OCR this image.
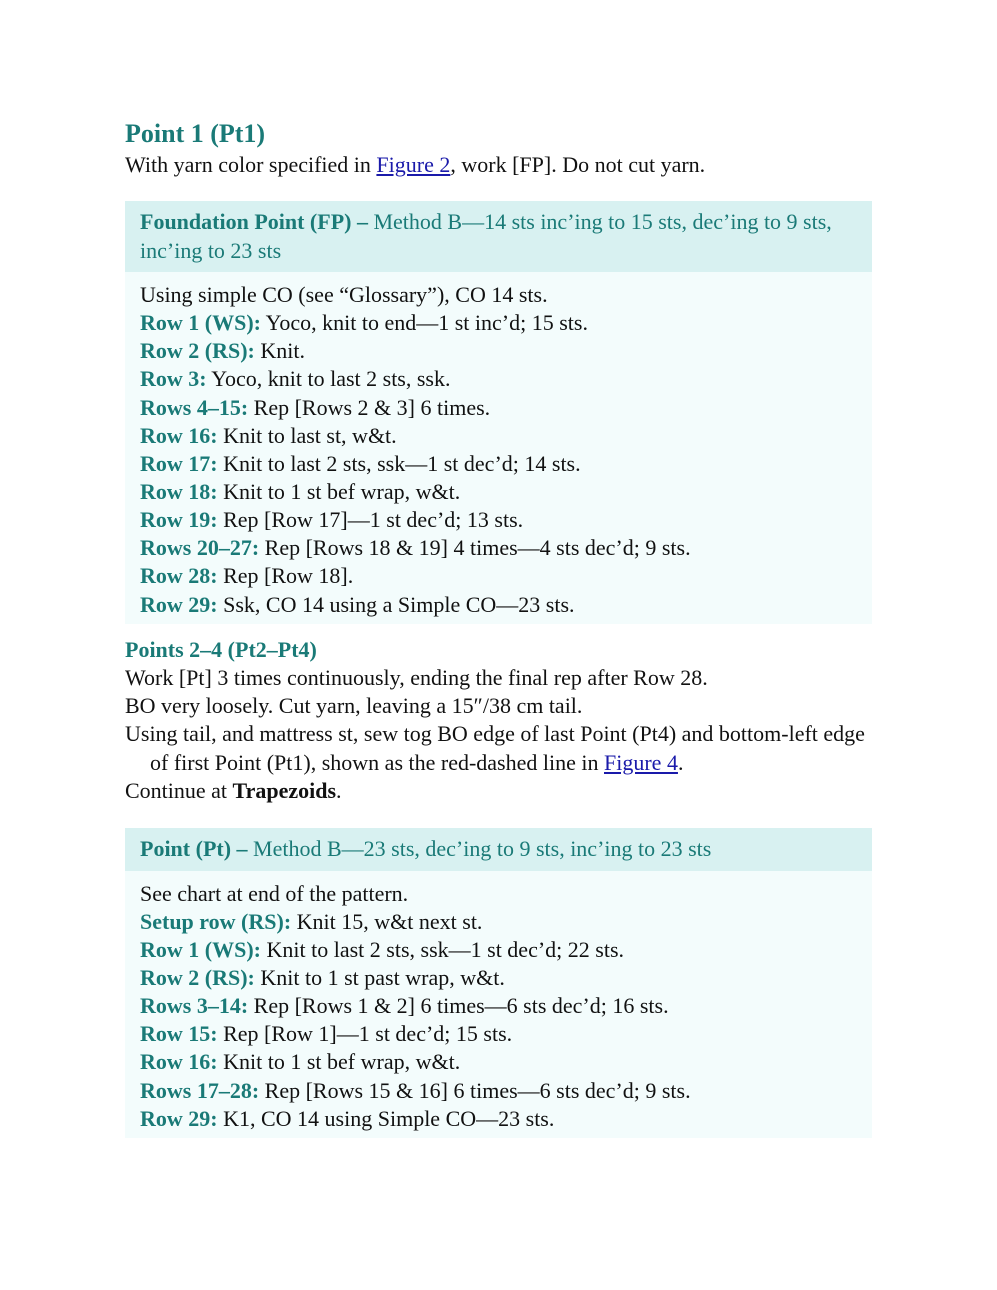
Point 1 (Pt1)

With yarn color specified in Figure 2, work [FP]. Do not cut yarn.

Foundation Point (FP) – Method B—14 sts inc’ing to 15 sts, dec’ing to 9 sts, inc’ing to 23 sts

Using simple CO (see “Glossary”), CO 14 sts.

Row 1 (WS): Yoco, knit to end—1 st inc’d; 15 sts.

Row 2 (RS): Knit.

Row 3: Yoco, knit to last 2 sts, ssk.

Rows 4–15: Rep [Rows 2 & 3] 6 times.

Row 16: Knit to last st, w&t.

Row 17: Knit to last 2 sts, ssk—1 st dec’d; 14 sts.

Row 18: Knit to 1 st bef wrap, w&t.

Row 19: Rep [Row 17]—1 st dec’d; 13 sts.

Rows 20–27: Rep [Rows 18 & 19] 4 times—4 sts dec’d; 9 sts.

Row 28: Rep [Row 18].

Row 29: Ssk, CO 14 using a Simple CO—23 sts.

Points 2–4 (Pt2–Pt4)

Work [Pt] 3 times continuously, ending the final rep after Row 28.

BO very loosely. Cut yarn, leaving a 15″/38 cm tail.

Using tail, and mattress st, sew tog BO edge of last Point (Pt4) and bottom-left edge of first Point (Pt1), shown as the red-dashed line in Figure 4.

Continue at Trapezoids.

Point (Pt) – Method B—23 sts, dec’ing to 9 sts, inc’ing to 23 sts

See chart at end of the pattern.

Setup row (RS): Knit 15, w&t next st.

Row 1 (WS): Knit to last 2 sts, ssk—1 st dec’d; 22 sts.

Row 2 (RS): Knit to 1 st past wrap, w&t.

Rows 3–14: Rep [Rows 1 & 2] 6 times—6 sts dec’d; 16 sts.

Row 15: Rep [Row 1]—1 st dec’d; 15 sts.

Row 16: Knit to 1 st bef wrap, w&t.

Rows 17–28: Rep [Rows 15 & 16] 6 times—6 sts dec’d; 9 sts.

Row 29: K1, CO 14 using Simple CO—23 sts.
